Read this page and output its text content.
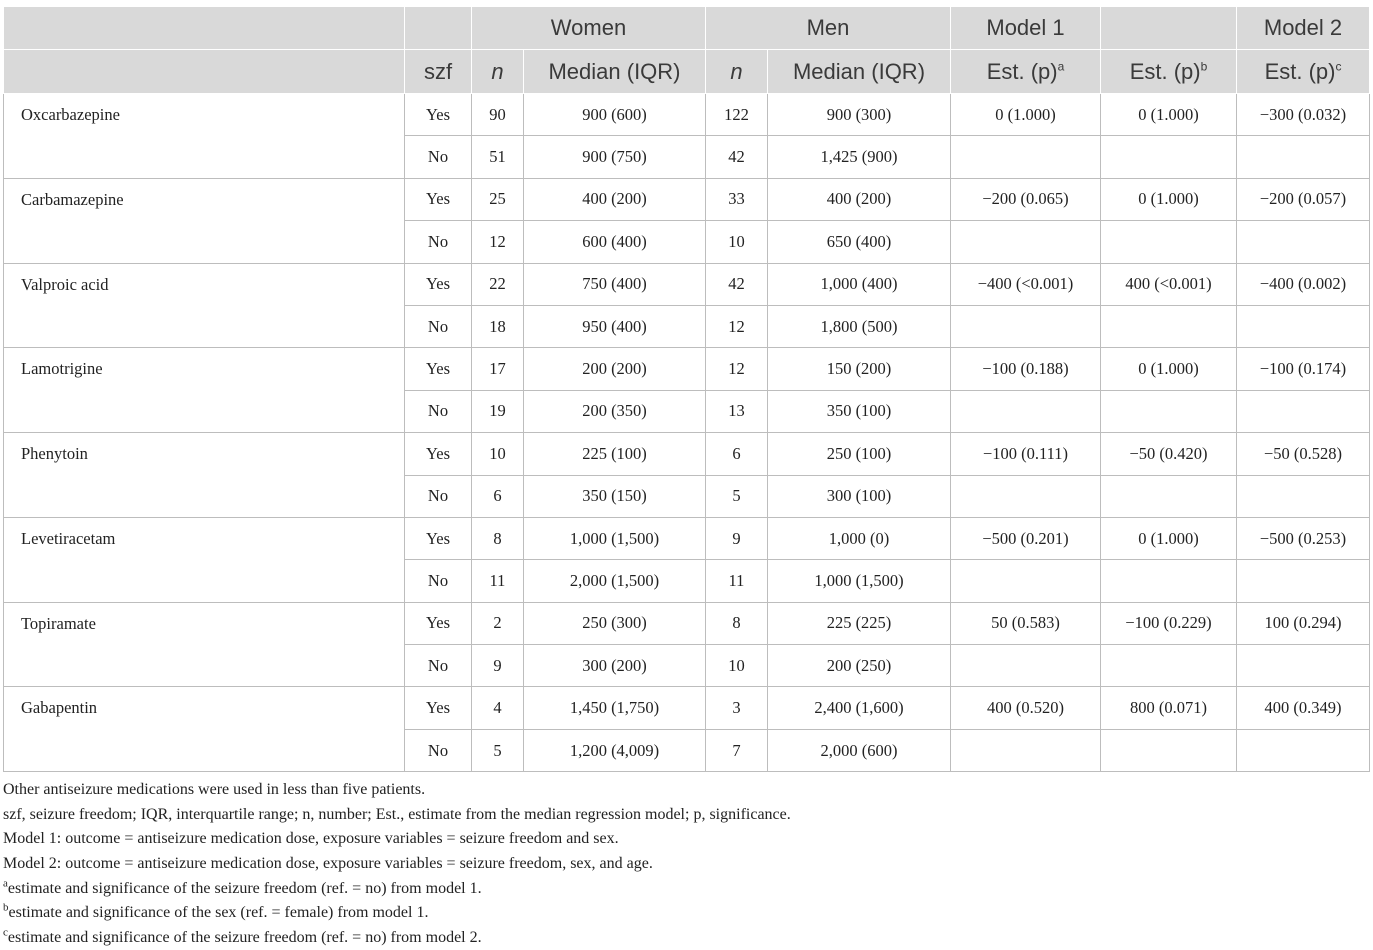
		Women		Men		Model 1		Model 2
	szf	n	Median (IQR)	n	Median (IQR)	Est. $(p)^a$	Est. $(p)^b$	Est. $(p)^c$
Oxcarbazepine	Yes	90	900 (600)	122	900 (300)	0 (1.000)	0 (1.000)	−300 (0.032)
	No	51	900 (750)	42	1,425 (900)			
Carbamazepine	Yes	25	400 (200)	33	400 (200)	−200 (0.065)	0 (1.000)	−200 (0.057)
	No	12	600 (400)	10	650 (400)			
Valproic acid	Yes	22	750 (400)	42	1,000 (400)	−400 (<0.001)	400 (<0.001)	−400 (0.002)
	No	18	950 (400)	12	1,800 (500)			
Lamotrigine	Yes	17	200 (200)	12	150 (200)	−100 (0.188)	0 (1.000)	−100 (0.174)
	No	19	200 (350)	13	350 (100)			
Phenytoin	Yes	10	225 (100)	6	250 (100)	−100 (0.111)	−50 (0.420)	−50 (0.528)
	No	6	350 (150)	5	300 (100)			
Levetiracetam	Yes	8	1,000 (1,500)	9	1,000 (0)	−500 (0.201)	0 (1.000)	−500 (0.253)
	No	11	2,000 (1,500)	11	1,000 (1,500)			
Topiramate	Yes	2	250 (300)	8	225 (225)	50 (0.583)	−100 (0.229)	100 (0.294)
	No	9	300 (200)	10	200 (250)			
Gabapentin	Yes	4	1,450 (1,750)	3	2,400 (1,600)	400 (0.520)	800 (0.071)	400 (0.349)
	No	5	1,200 (4,009)	7	2,000 (600)			

Other antiseizure medications were used in less than five patients.

szf, seizure freedom; IQR, interquartile range; n, number; Est., estimate from the median regression model; p, significance.

Model 1: outcome = antiseizure medication dose, exposure variables = seizure freedom and sex.

Model 2: outcome = antiseizure medication dose, exposure variables = seizure freedom, sex, and age.

$^a$estimate and significance of the seizure freedom (ref. = no) from model 1.

$^b$estimate and significance of the sex (ref. = female) from model 1.

$^c$estimate and significance of the seizure freedom (ref. = no) from model 2.
